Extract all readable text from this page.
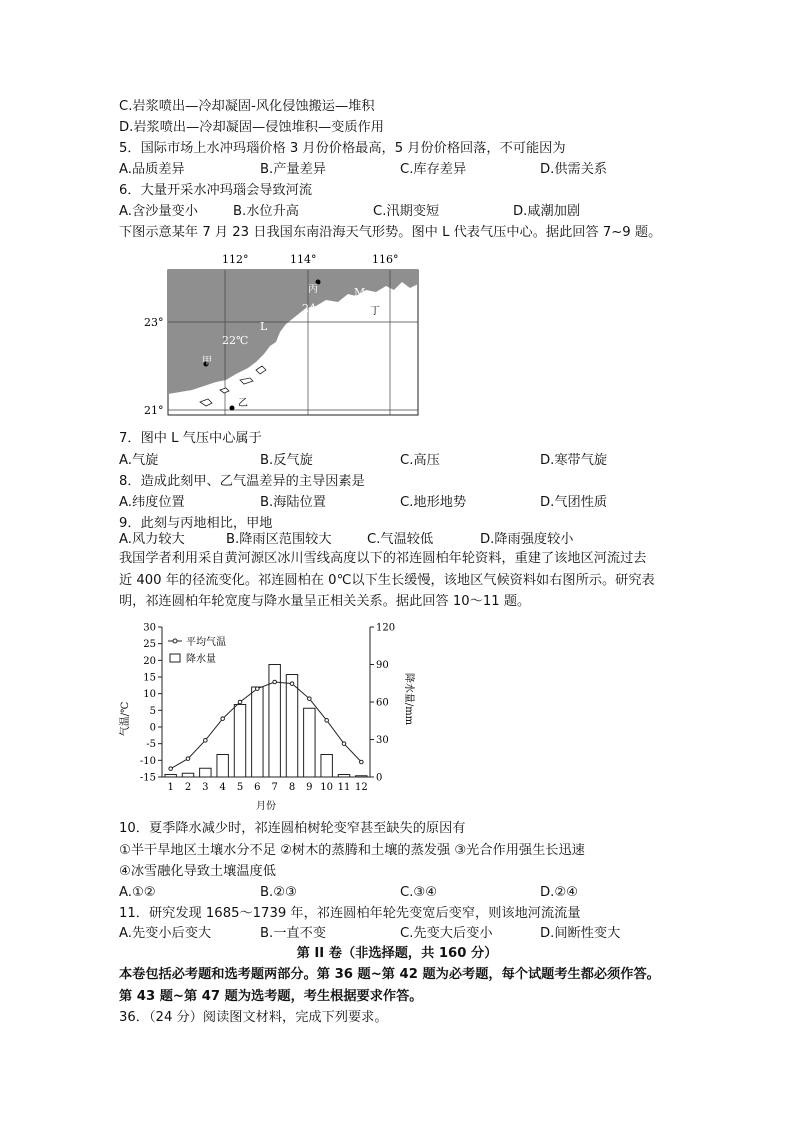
C.岩浆喷出—冷却凝固-风化侵蚀搬运—堆积
D.岩浆喷出—冷却凝固—侵蚀堆积—变质作用
5．国际市场上水冲玛瑙价格 3 月份价格最高，5 月份价格回落，不可能因为
A.品质差异	B.产量差异	C.库存差异	D.供需关系
6．大量开采水冲玛瑙会导致河流
A.含沙量变小	B.水位升高	C.汛期变短	D.咸潮加剧
下图示意某年 7 月 23 日我国东南沿海天气形势。图中 L 代表气压中心。据此回答 7~9 题。
112°	114°	116°
23°
21°
丙	M
丁
24～26℃
L
22℃
甲
乙
7．图中 L 气压中心属于
A.气旋	B.反气旋	C.高压	D.寒带气旋
8．造成此刻甲、乙气温差异的主导因素是
A.纬度位置	B.海陆位置	C.地形地势	D.气团性质
9．此刻与丙地相比，甲地
A.风力较大	B.降雨区范围较大	C.气温较低	D.降雨强度较小
我国学者利用采自黄河源区冰川雪线高度以下的祁连圆柏年轮资料，重建了该地区河流过去
近 400 年的径流变化。祁连圆柏在 0℃以下生长缓慢，该地区气候资料如右图所示。研究表
明，祁连圆柏年轮宽度与降水量呈正相关关系。据此回答 10～11 题。
30
25
20
15
10
5
0
-5
-10
-15
120
90
60
30
0
1 2 3 4 5 6 7 8 9 10 11 12
平均气温
降水量
气温/℃	降水量/mm
月份
10．夏季降水减少时，祁连圆柏树轮变窄甚至缺失的原因有
①半干旱地区土壤水分不足 ②树木的蒸腾和土壤的蒸发强 ③光合作用强生长迅速
④冰雪融化导致土壤温度低
A.①②	B.②③	C.③④	D.②④
11．研究发现 1685～1739 年，祁连圆柏年轮先变宽后变窄，则该地河流流量
A.先变小后变大	B.一直不变	C.先变大后变小	D.间断性变大
第 II 卷（非选择题，共 160 分）
本卷包括必考题和选考题两部分。第 36 题~第 42 题为必考题，每个试题考生都必须作答。
第 43 题~第 47 题为选考题，考生根据要求作答。
36．（24 分）阅读图文材料，完成下列要求。
